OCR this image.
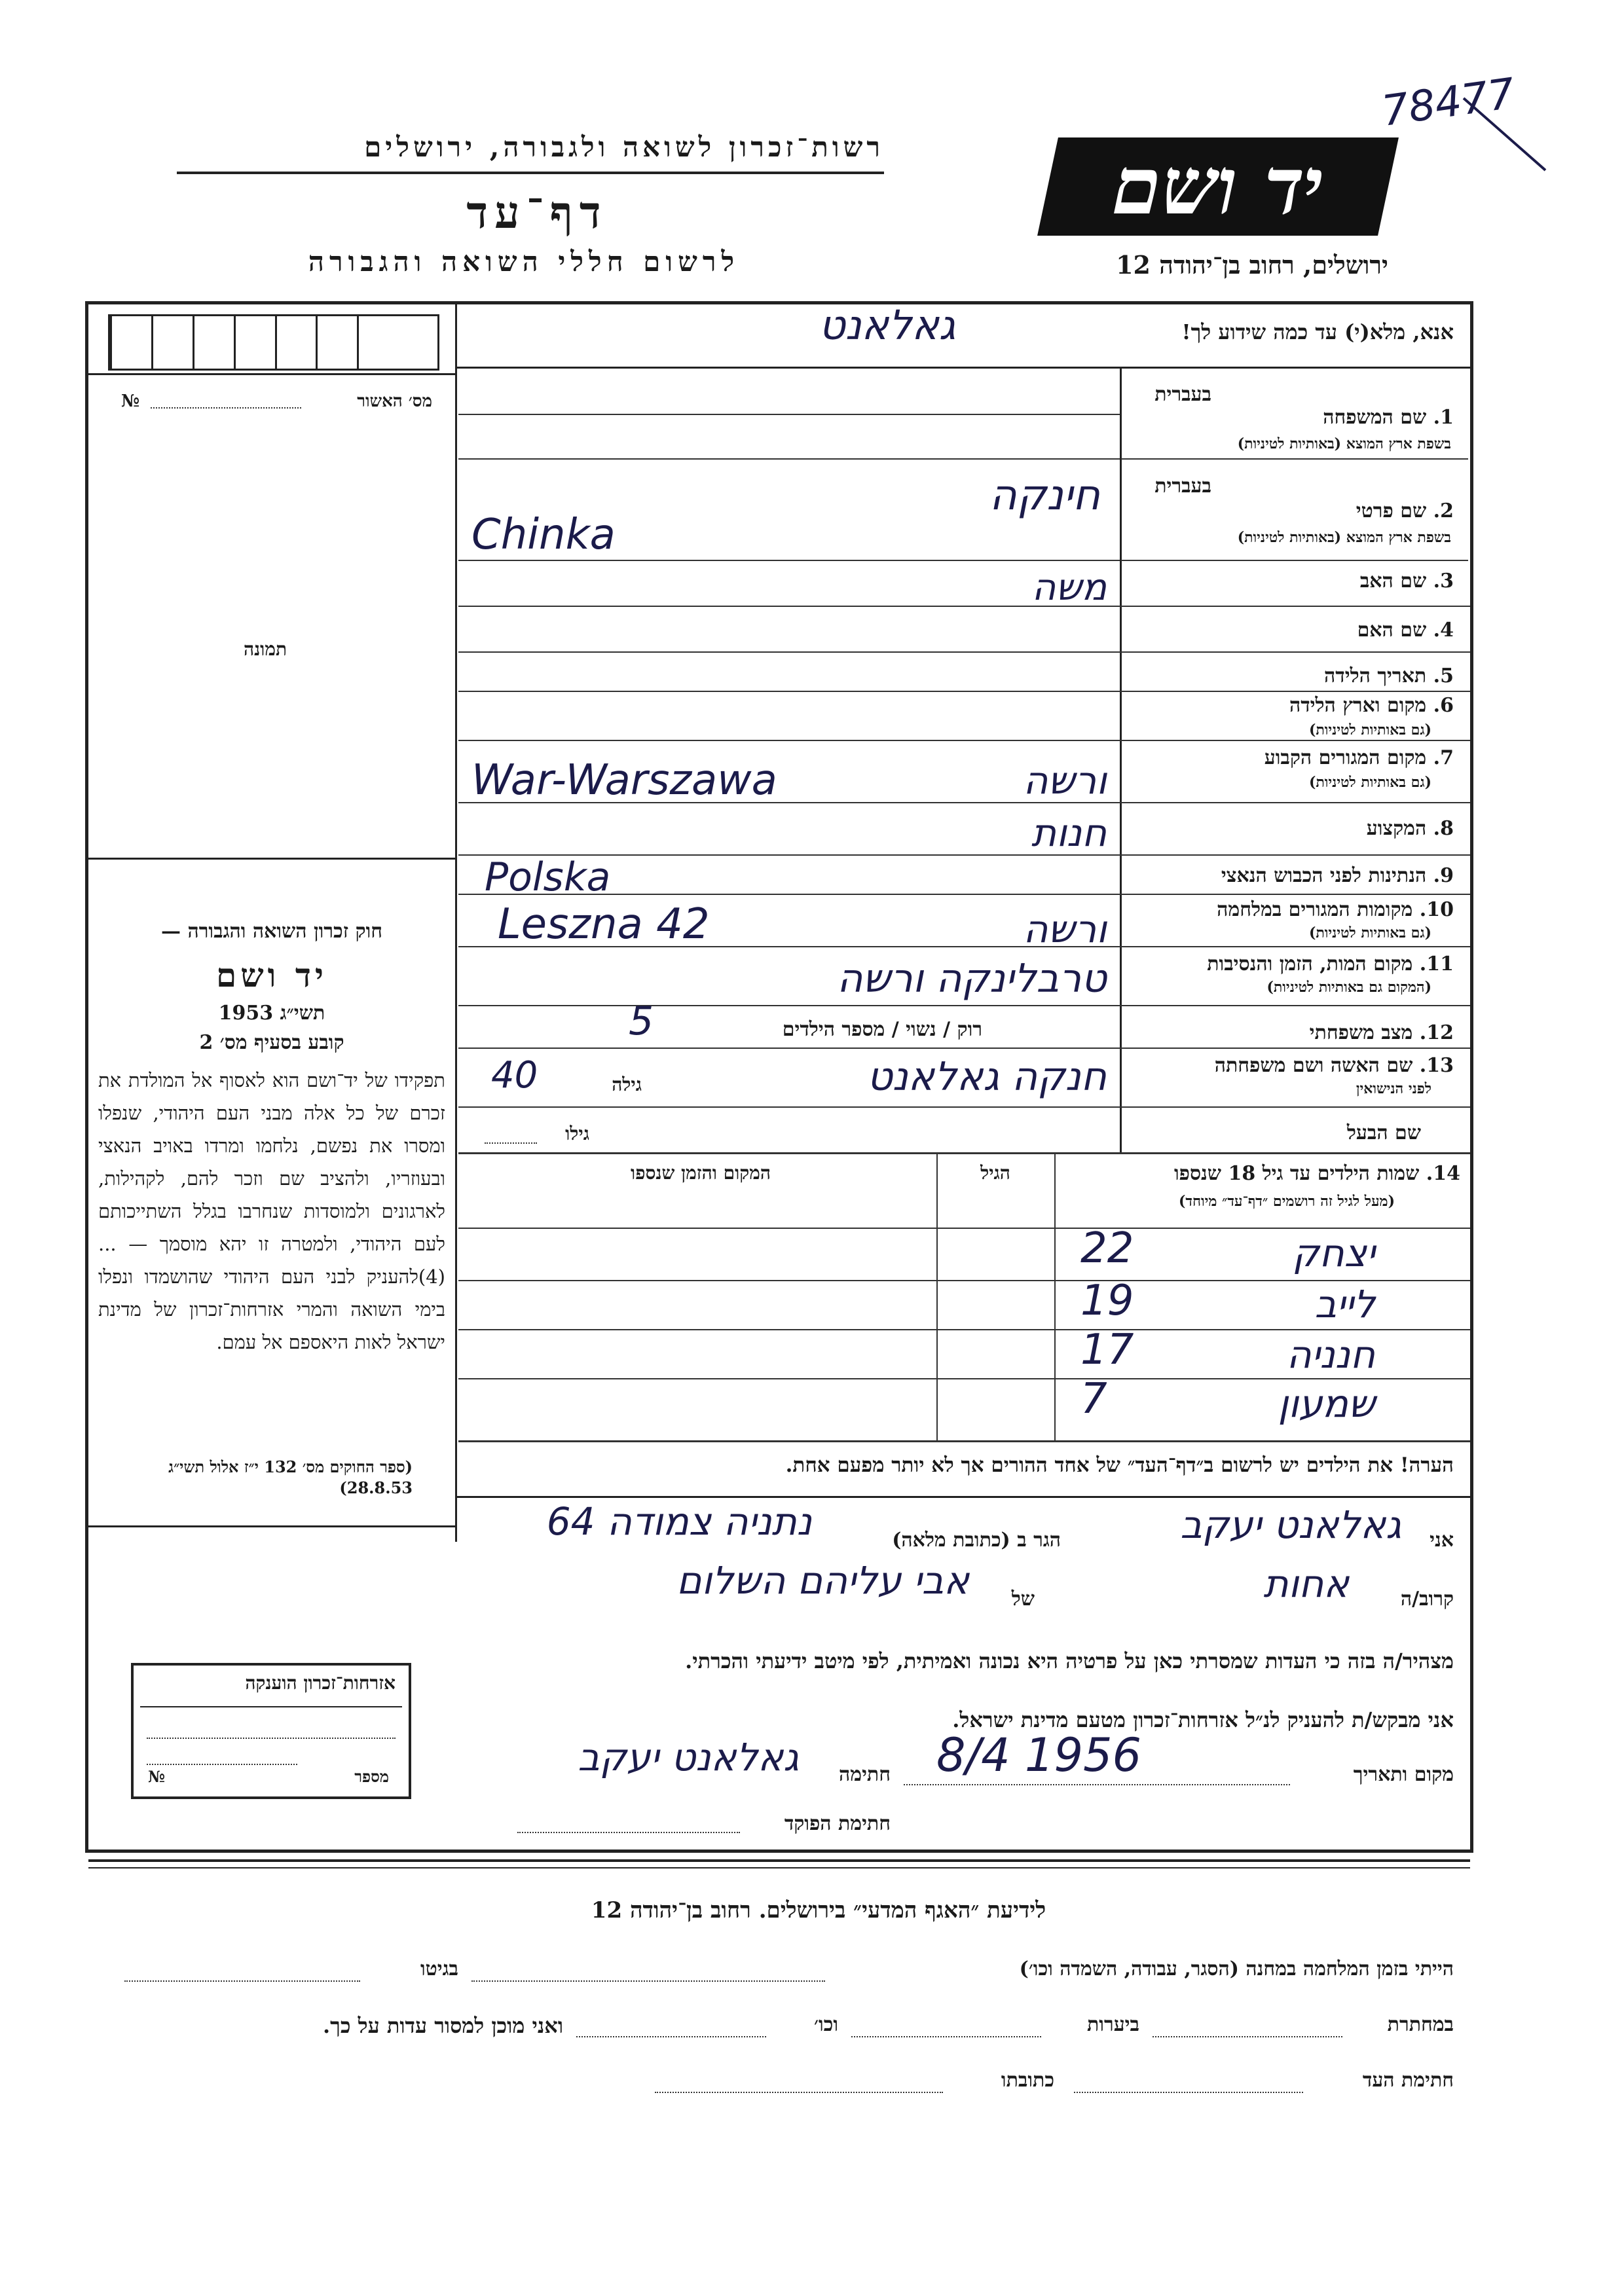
רשות־זכרון לשואה ולגבורה, ירושלים
דף־עד
לרשום חללי השואה והגבורה
יד ושם
78477
ירושלים, רחוב בן־יהודה 12
מס׳ האשור
№
תמונה
חוק זכרון השואה והגבורה —
יד ושם
תשי״ג 1953
קובע בסעיף מס׳ 2
תפקידו של יד־ושם הוא לאסוף אל המולדת את זכרם של כל אלה מבני העם היהודי, שנפלו ומסרו את נפשם, נלחמו ומרדו באויב הנאצי ובעוזריו, ולהציב שם וזכר להם, לקהילות, לארגונים ולמוסדות שנחרבו בגלל השתייכותם לעם היהודי, ולמטרה זו יהא מוסמך — ...(4)להעניק לבני העם היהודי שהושמדו ונפלו בימי השואה והמרי אזרחות־זכרון של מדינת ישראל לאות היאספם אל עמם.
(ספר החוקים מס׳ 132 י״ז אלול תשי״ג 28.8.53)
אנא, מלא(י) עד כמה שידוע לך!
גאלאנט
בעברית
1. שם המשפחה
בשפת ארץ המוצא (באותיות לטיניות)
בעברית
2. שם פרטי
בשפת ארץ המוצא (באותיות לטיניות)
3. שם האב
4. שם האם
5. תאריך הלידה
6. מקום וארץ הלידה
(גם באותיות לטיניות)
7. מקום המגורים הקבוע
(גם באותיות לטיניות)
8. המקצוע
9. הנתינות לפני הכבוש הנאצי
10. מקומות המגורים במלחמה
(גם באותיות לטיניות)
11. מקום המות, הזמן והנסיבות
(המקום גם באותיות לטיניות)
12. מצב משפחתי
13. שם האשה ושם משפחתה
לפני הנישואין
שם הבעל
חינקה
Chinka
משה
ורשה
War-Warszawa
חנות
Polska
ורשה
Leszna 42
טרבלינקה ורשה
רוק / נשוי / מספר הילדים
5
חנקה גאלאנט
גילה
40
גילו
14. שמות הילדים עד גיל 18 שנספו
(מעל לגיל זה רושמים ״דף־עד״ מיוחד)
הגיל
המקום והזמן שנספו
יצחק
22
לייב
19
חנניה
17
שמעון
7
הערה! את הילדים יש לרשום ב״דף־העד״ של אחד ההורים אך לא יותר מפעם אחת.
אני
גאלאנט יעקב
הגר ב (כתובת מלאה)
נתניה צמודה 64
קרוב/ה
אחות
של
אבי עליהם השלום
מצהיר/ה בזה כי העדות שמסרתי כאן על פרטיה היא נכונה ואמיתית, לפי מיטב ידיעתי והכרתי.
אני מבקש/ת להעניק לנ״ל אזרחות־זכרון מטעם מדינת ישראל.
מקום ותאריך
8/4 1956
חתימה
גאלאנט יעקב
חתימת הפוקד
אזרחות־זכרון הוענקה
מספר
№
לידיעת ״האגף המדעי״ בירושלים. רחוב בן־יהודה 12
הייתי בזמן המלחמה במחנה (הסגר, עבודה, השמדה וכו׳)
בגיטו
במחתרת
ביערות
וכו׳
ואני מוכן למסור עדות על כך.
חתימת העד
כתובתו
